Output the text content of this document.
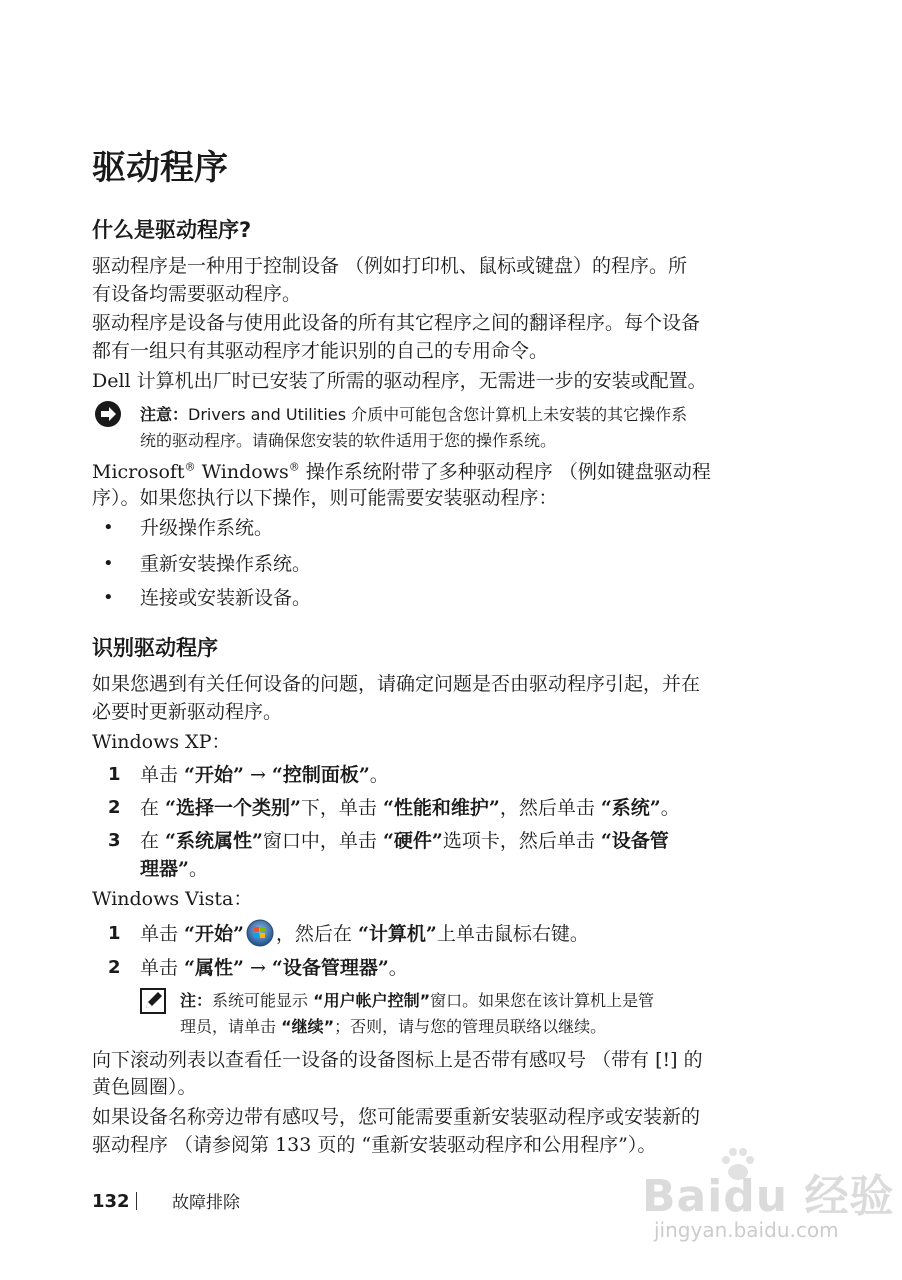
驱动程序
什么是驱动程序?

驱动程序是一种用于控制设备 （例如打印机、鼠标或键盘）的程序。所

有设备均需要驱动程序。

驱动程序是设备与使用此设备的所有其它程序之间的翻译程序。每个设备

都有一组只有其驱动程序才能识别的自己的专用命令。

Dell 计算机出厂时已安装了所需的驱动程序，无需进一步的安装或配置。

注意：Drivers and Utilities 介质中可能包含您计算机上未安装的其它操作系
统的驱动程序。请确保您安装的软件适用于您的操作系统。

Microsoft® Windows® 操作系统附带了多种驱动程序 （例如键盘驱动程

序）。如果您执行以下操作，则可能需要安装驱动程序：

• 升级操作系统。
• 重新安装操作系统。
• 连接或安装新设备。
识别驱动程序

如果您遇到有关任何设备的问题，请确定问题是否由驱动程序引起，并在

必要时更新驱动程序。

Windows XP：

1 单击 “开始” → “控制面板”。
2 在 “选择一个类别”下，单击 “性能和维护”，然后单击 “系统”。
3 在 “系统属性”窗口中，单击 “硬件”选项卡，然后单击 “设备管
理器”。

Windows Vista：

1 单击 “开始” ，然后在 “计算机”上单击鼠标右键。
2 单击 “属性” → “设备管理器”。
注：系统可能显示 “用户帐户控制”窗口。如果您在该计算机上是管
理员，请单击 “继续”；否则，请与您的管理员联络以继续。

向下滚动列表以查看任一设备的设备图标上是否带有感叹号 （带有 [!] 的

黄色圆圈）。

如果设备名称旁边带有感叹号，您可能需要重新安装驱动程序或安装新的

驱动程序 （请参阅第 133 页的 “重新安装驱动程序和公用程序”）。

132 故障排除	Baidu 经验
jingyan.baidu.com
